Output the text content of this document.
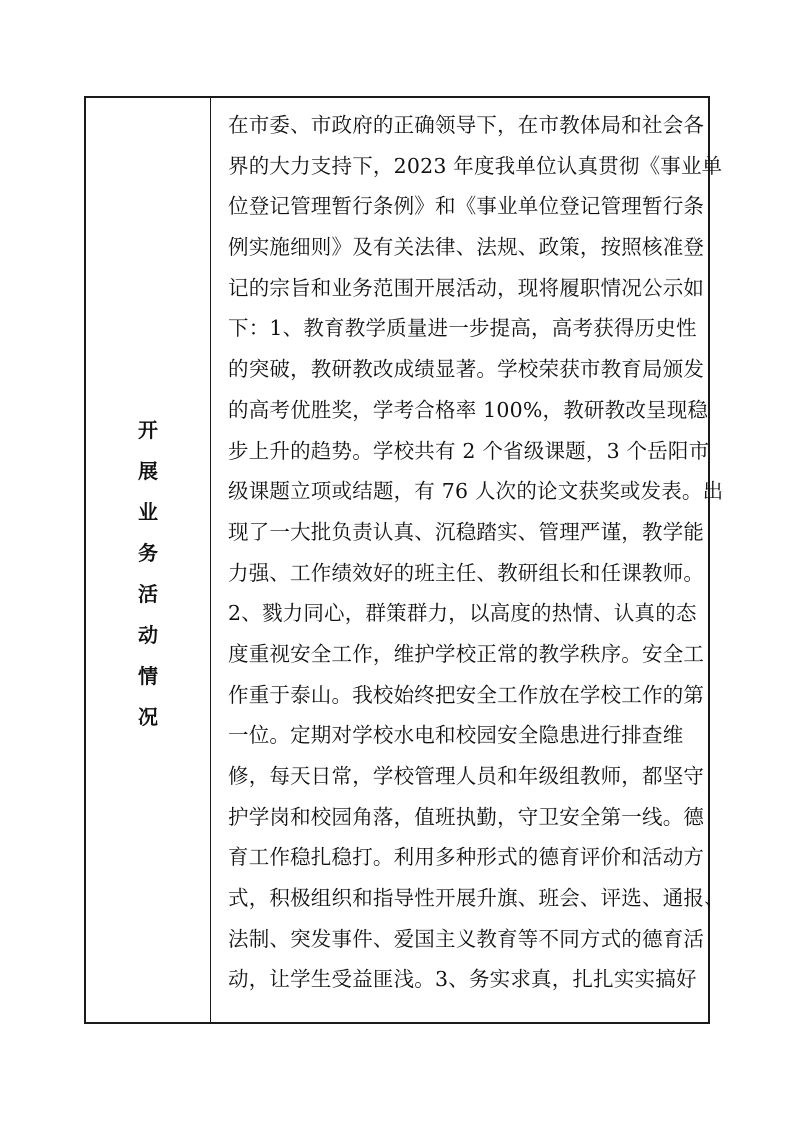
开
展
业
务
活
动
情
况
在市委、市政府的正确领导下，在市教体局和社会各
界的大力支持下，2023 年度我单位认真贯彻《事业单
位登记管理暂行条例》和《事业单位登记管理暂行条
例实施细则》及有关法律、法规、政策，按照核准登
记的宗旨和业务范围开展活动，现将履职情况公示如
下：1、教育教学质量进一步提高，高考获得历史性
的突破，教研教改成绩显著。学校荣获市教育局颁发
的高考优胜奖，学考合格率 100%，教研教改呈现稳
步上升的趋势。学校共有 2 个省级课题，3 个岳阳市
级课题立项或结题，有 76 人次的论文获奖或发表。出
现了一大批负责认真、沉稳踏实、管理严谨，教学能
力强、工作绩效好的班主任、教研组长和任课教师。
2、戮力同心，群策群力，以高度的热情、认真的态
度重视安全工作，维护学校正常的教学秩序。安全工
作重于泰山。我校始终把安全工作放在学校工作的第
一位。定期对学校水电和校园安全隐患进行排查维
修，每天日常，学校管理人员和年级组教师，都坚守
护学岗和校园角落，值班执勤，守卫安全第一线。德
育工作稳扎稳打。利用多种形式的德育评价和活动方
式，积极组织和指导性开展升旗、班会、评选、通报、
法制、突发事件、爱国主义教育等不同方式的德育活
动，让学生受益匪浅。3、务实求真，扎扎实实搞好
